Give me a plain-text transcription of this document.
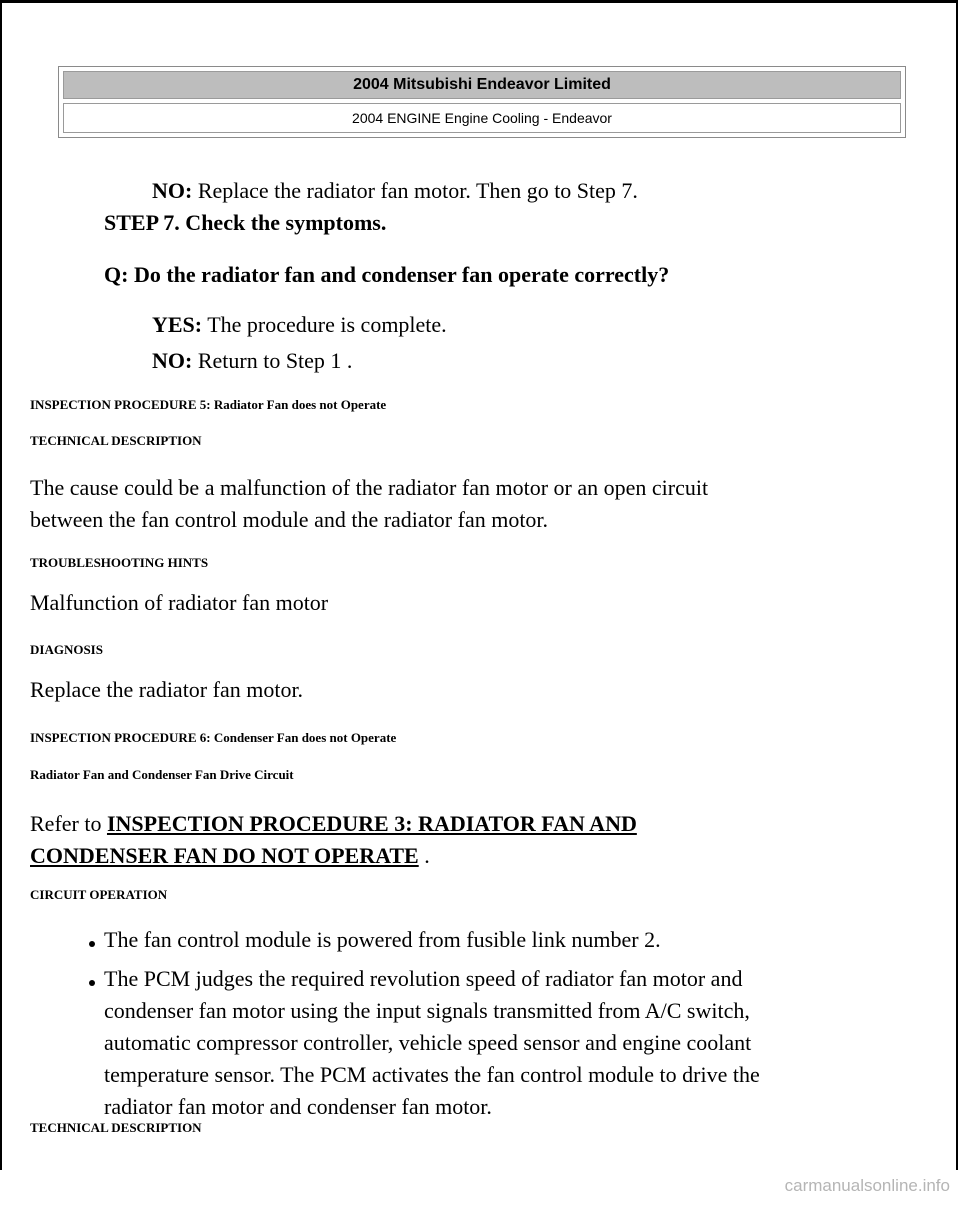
2004 Mitsubishi Endeavor Limited
2004 ENGINE Engine Cooling - Endeavor
NO: Replace the radiator fan motor. Then go to Step 7.
STEP 7. Check the symptoms.
Q: Do the radiator fan and condenser fan operate correctly?
YES: The procedure is complete.
NO: Return to Step 1 .
INSPECTION PROCEDURE 5: Radiator Fan does not Operate
TECHNICAL DESCRIPTION
The cause could be a malfunction of the radiator fan motor or an open circuit
between the fan control module and the radiator fan motor.
TROUBLESHOOTING HINTS
Malfunction of radiator fan motor
DIAGNOSIS
Replace the radiator fan motor.
INSPECTION PROCEDURE 6: Condenser Fan does not Operate
Radiator Fan and Condenser Fan Drive Circuit
Refer to INSPECTION PROCEDURE 3: RADIATOR FAN AND
CONDENSER FAN DO NOT OPERATE .
CIRCUIT OPERATION
The fan control module is powered from fusible link number 2.
The PCM judges the required revolution speed of radiator fan motor and
condenser fan motor using the input signals transmitted from A/C switch,
automatic compressor controller, vehicle speed sensor and engine coolant
temperature sensor. The PCM activates the fan control module to drive the
radiator fan motor and condenser fan motor.
TECHNICAL DESCRIPTION
carmanualsonline.info
